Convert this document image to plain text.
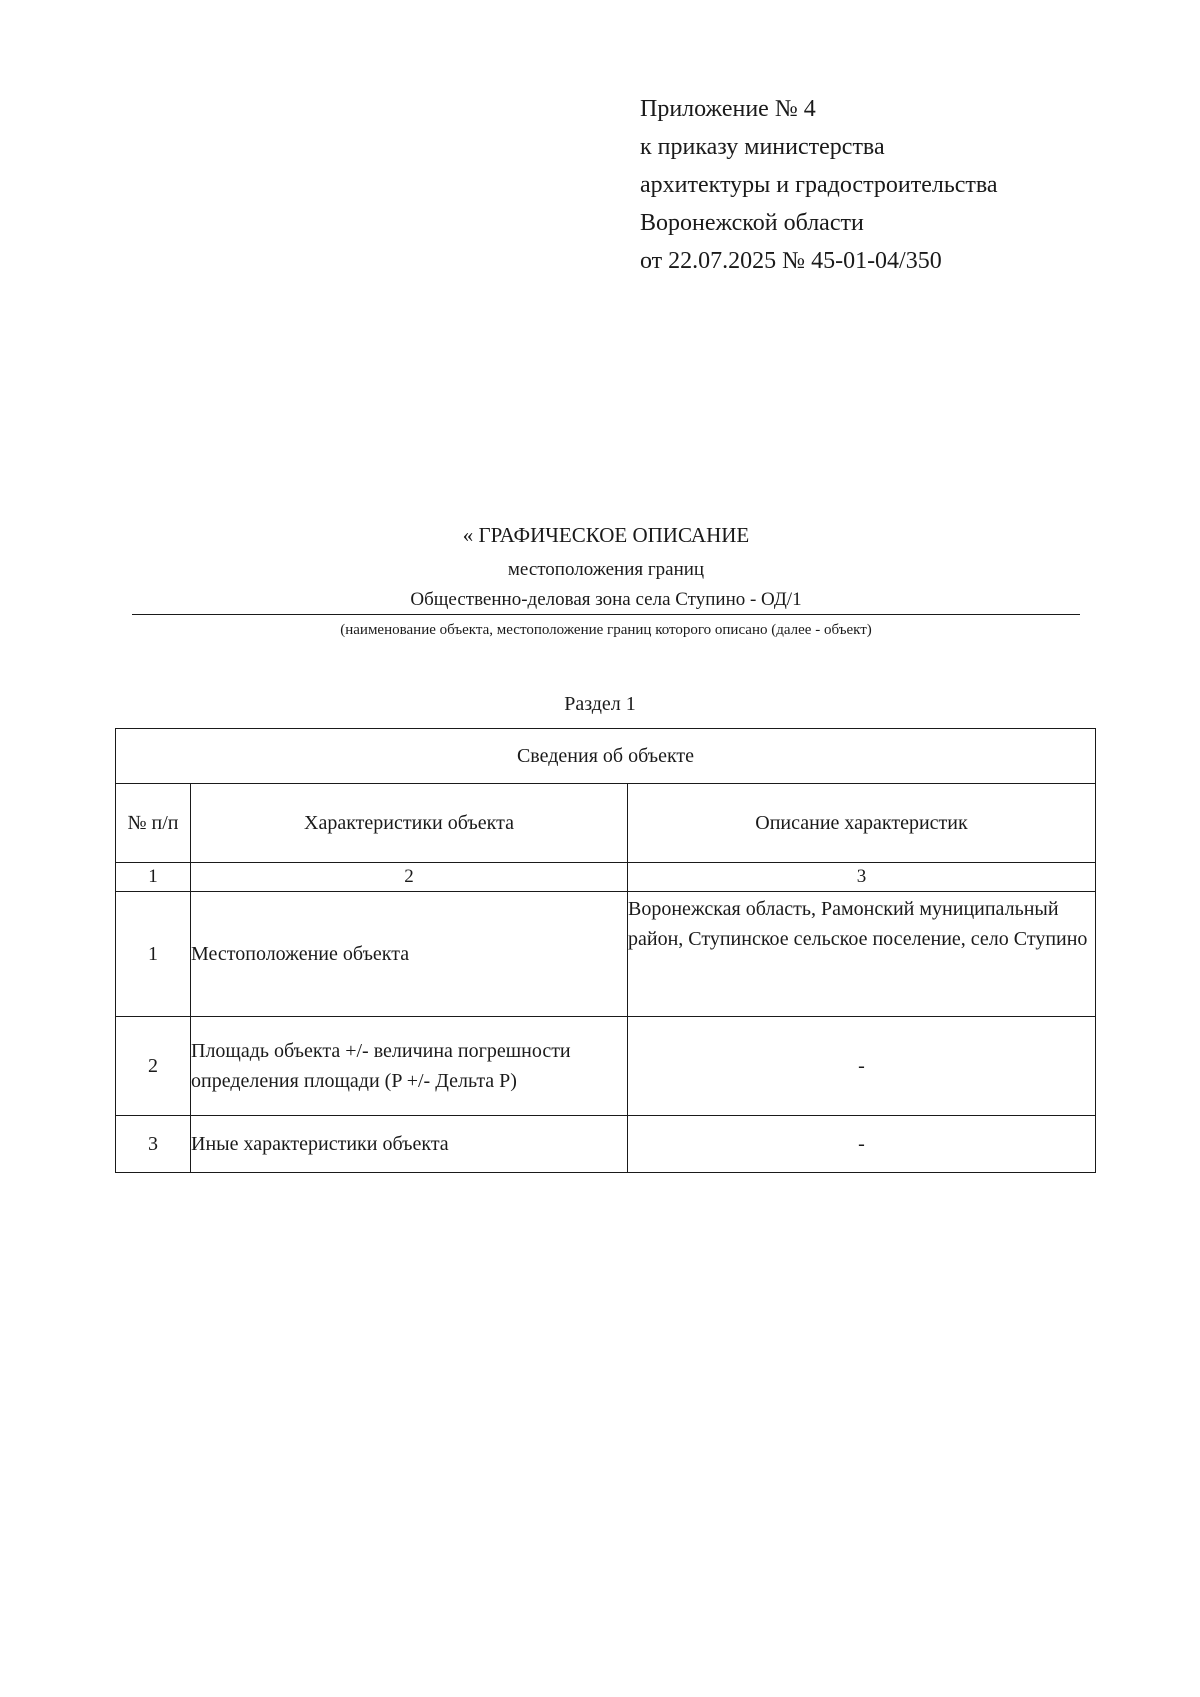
Приложение № 4
к приказу министерства
архитектуры и градостроительства
Воронежской области
от 22.07.2025 № 45-01-04/350
« ГРАФИЧЕСКОЕ ОПИСАНИЕ
местоположения границ
Общественно-деловая зона села Ступино - ОД/1
(наименование объекта, местоположение границ которого описано (далее - объект)
Раздел 1
Сведения об объекте		
№ п/п	Характеристики объекта	Описание характеристик
1	2	3
1	Местоположение объекта	Воронежская область, Рамонский муниципальный район, Ступинское сельское поселение, село Ступино
2	Площадь объекта +/- величина погрешности определения площади (P +/- Дельта P)	-
3	Иные характеристики объекта	-
